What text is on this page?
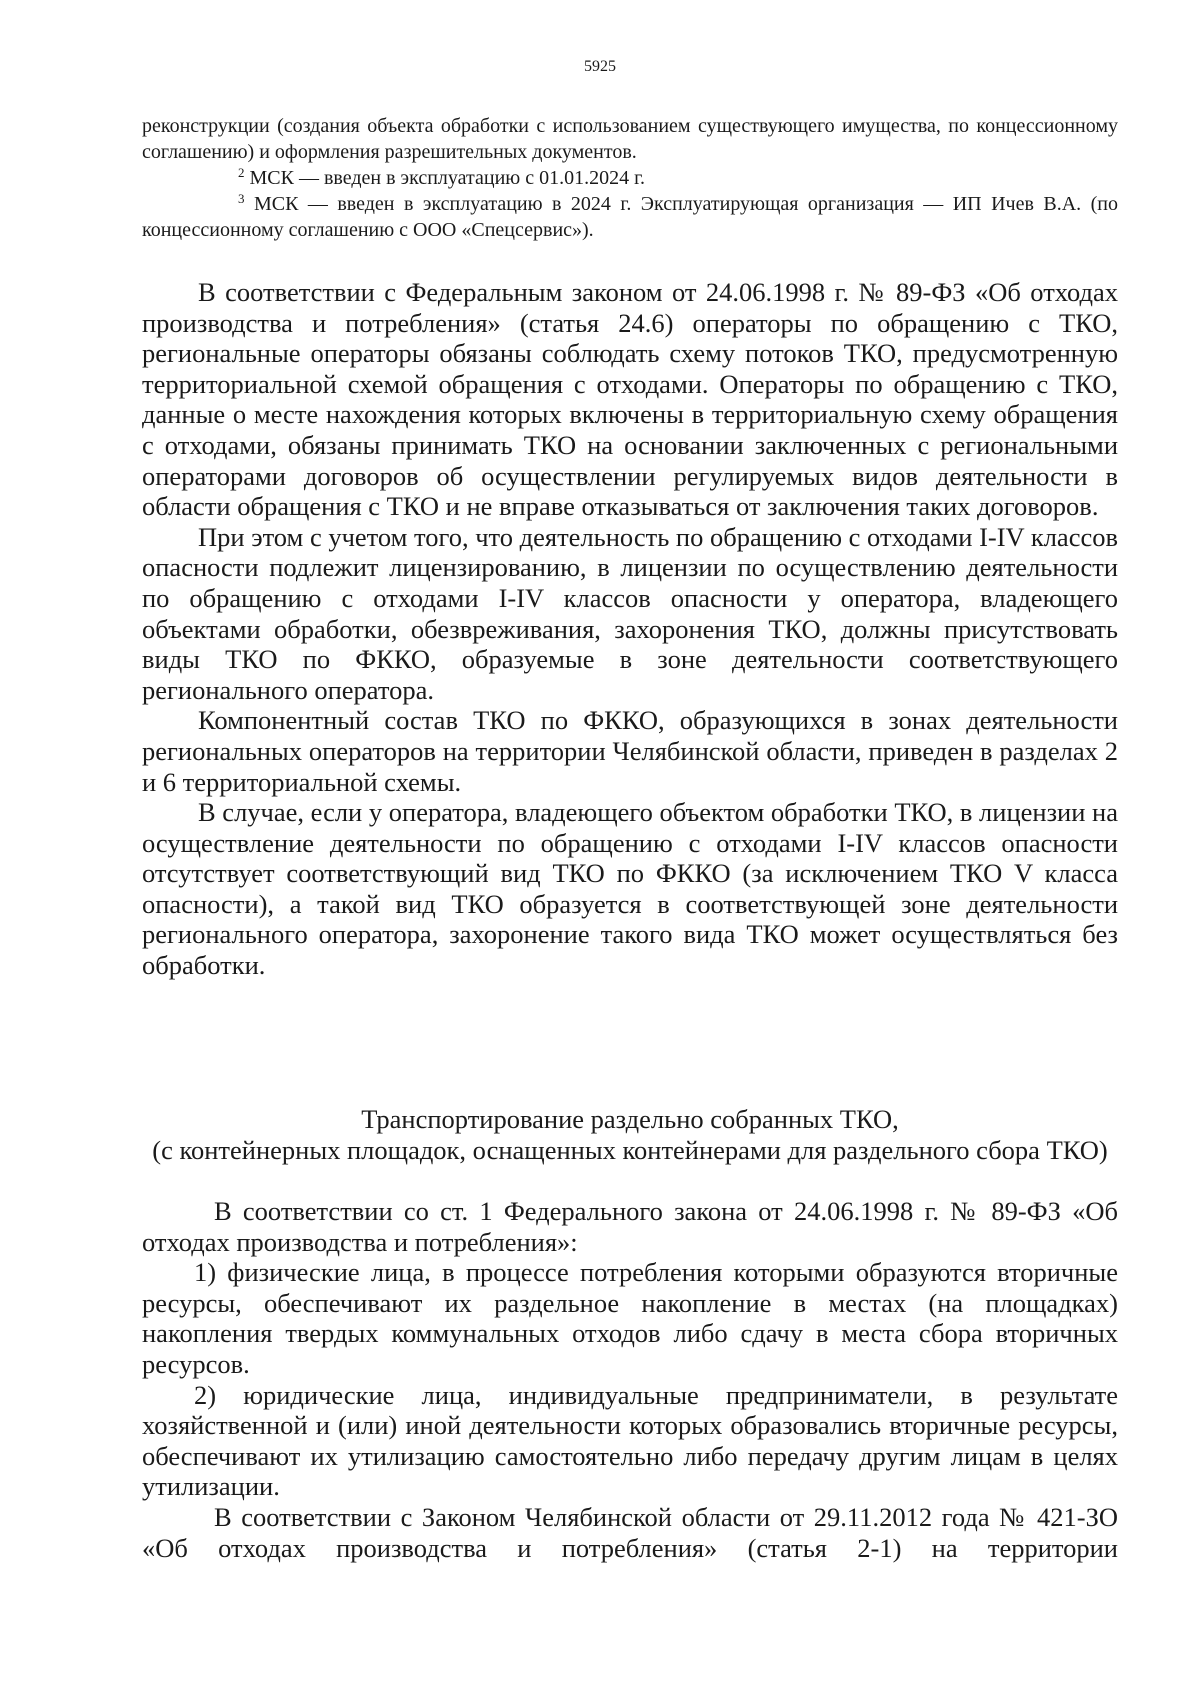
5925

реконструкции (создания объекта обработки с использованием существующего имущества, по концессионному соглашению) и оформления разрешительных документов.

$^2$ МСК — введен в эксплуатацию с 01.01.2024 г.

$^3$ МСК — введен в эксплуатацию в 2024 г. Эксплуатирующая организация — ИП Ичев В.А. (по концессионному соглашению с ООО «Спецсервис»).

В соответствии с Федеральным законом от 24.06.1998 г. № 89-ФЗ «Об отходах производства и потребления» (статья 24.6) операторы по обращению с ТКО, региональные операторы обязаны соблюдать схему потоков ТКО, предусмотренную территориальной схемой обращения с отходами. Операторы по обращению с ТКО, данные о месте нахождения которых включены в территориальную схему обращения с отходами, обязаны принимать ТКО на основании заключенных с региональными операторами договоров об осуществлении регулируемых видов деятельности в области обращения с ТКО и не вправе отказываться от заключения таких договоров.

При этом с учетом того, что деятельность по обращению с отходами I-IV классов опасности подлежит лицензированию, в лицензии по осуществлению деятельности по обращению с отходами I-IV классов опасности у оператора, владеющего объектами обработки, обезвреживания, захоронения ТКО, должны присутствовать виды ТКО по ФККО, образуемые в зоне деятельности соответствующего регионального оператора.

Компонентный состав ТКО по ФККО, образующихся в зонах деятельности региональных операторов на территории Челябинской области, приведен в разделах 2 и 6 территориальной схемы.

В случае, если у оператора, владеющего объектом обработки ТКО, в лицензии на осуществление деятельности по обращению с отходами I-IV классов опасности отсутствует соответствующий вид ТКО по ФККО (за исключением ТКО V класса опасности), а такой вид ТКО образуется в соответствующей зоне деятельности регионального оператора, захоронение такого вида ТКО может осуществляться без обработки.

Транспортирование раздельно собранных ТКО,

(с контейнерных площадок, оснащенных контейнерами для раздельного сбора ТКО)

В соответствии со ст. 1 Федерального закона от 24.06.1998 г. № 89-ФЗ «Об отходах производства и потребления»:

1) физические лица, в процессе потребления которыми образуются вторичные ресурсы, обеспечивают их раздельное накопление в местах (на площадках) накопления твердых коммунальных отходов либо сдачу в места сбора вторичных ресурсов.

2) юридические лица, индивидуальные предприниматели, в результате хозяйственной и (или) иной деятельности которых образовались вторичные ресурсы, обеспечивают их утилизацию самостоятельно либо передачу другим лицам в целях утилизации.

В соответствии с Законом Челябинской области от 29.11.2012 года № 421-ЗО «Об отходах производства и потребления» (статья 2-1) на территории
